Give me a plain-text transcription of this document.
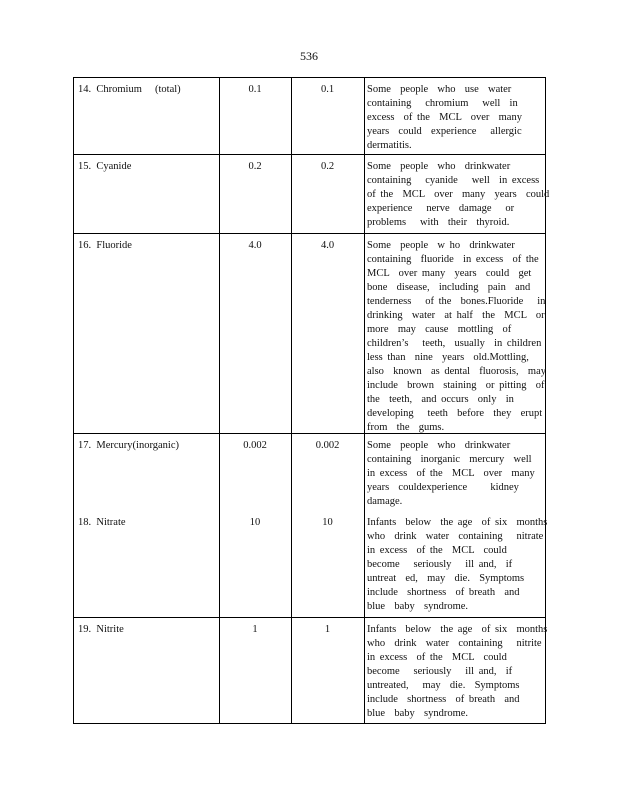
536
14.  Chromium     (total)	0.1	0.1	Some  people  who  use  water
containing   chromium   well  in
excess  of the  MCL  over  many
years  could  experience   allergic
dermatitis.
15.  Cyanide	0.2	0.2	Some  people  who  drinkwater
containing   cyanide   well  in excess
of the  MCL  over  many  years  could
experience   nerve  damage   or
problems   with  their  thyroid.
16.  Fluoride	4.0	4.0	Some  people  w ho  drinkwater
containing  fluoride  in excess  of the
MCL  over many  years  could  get
bone  disease,  including  pain  and
tenderness   of the  bones.Fluoride   in
drinking  water  at half  the  MCL  or
more  may  cause  mottling  of
children’s   teeth,  usually  in children
less than  nine  years  old.Mottling,
also  known  as dental  fluorosis,  may
include  brown  staining  or pitting  of
the  teeth,  and occurs  only  in
developing   teeth  before  they  erupt
from  the  gums.
17.  Mercury(inorganic)	0.002	0.002	Some  people  who  drinkwater
containing  inorganic  mercury  well
in excess  of the  MCL  over  many
years  couldexperience     kidney
damage.
18.  Nitrate	10	10	Infants  below  the age  of six  months
who  drink  water  containing   nitrate
in excess  of the  MCL  could
become   seriously   ill and,  if
untreat  ed,  may  die.  Symptoms
include  shortness  of breath  and
blue  baby  syndrome.
19.  Nitrite	1	1	Infants  below  the age  of six  months
who  drink  water  containing   nitrite
in excess  of the  MCL  could
become   seriously   ill and,  if
untreated,   may  die.  Symptoms
include  shortness  of breath  and
blue  baby  syndrome.
